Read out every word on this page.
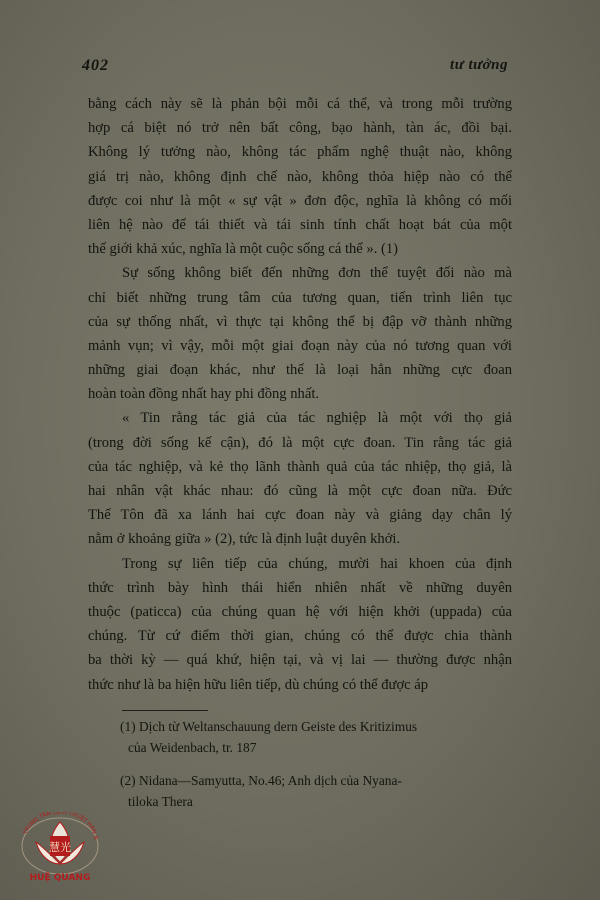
402	tư tưởng
bằng cách này sẽ là phản bội mỗi cá thể, và trong mỗi trường
hợp cá biệt nó trở nên bất công, bạo hành, tàn ác, đồi bại.
Không lý tưởng nào, không tác phẩm nghệ thuật nào, không
giá trị nào, không định chế nào, không thỏa hiệp nào có thể
được coi như là một « sự vật » đơn độc, nghĩa là không có mối
liên hệ nào để tái thiết và tái sinh tính chất hoạt bát của một
thế giới khả xúc, nghĩa là một cuộc sống cá thể ». (1)
Sự sống không biết đến những đơn thể tuyệt đối nào mà
chỉ biết những trung tâm của tương quan, tiến trình liên tục
của sự thống nhất, vì thực tại không thể bị đập vỡ thành những
mảnh vụn; vì vậy, mỗi một giai đoạn này của nó tương quan với
những giai đoạn khác, như thế là loại hẳn những cực đoan
hoàn toàn đồng nhất hay phi đồng nhất.
« Tin rằng tác giả của tác nghiệp là một với thọ giả
(trong đời sống kế cận), đó là một cực đoan. Tin rằng tác giả
của tác nghiệp, và kẻ thọ lãnh thành quả của tác nhiệp, thọ giả, là
hai nhân vật khác nhau: đó cũng là một cực đoan nữa. Đức
Thế Tôn đã xa lánh hai cực đoan này và giảng dạy chân lý
nằm ở khoảng giữa » (2), tức là định luật duyên khởi.
Trong sự liên tiếp của chúng, mười hai khoen của định
thức trình bày hình thái hiển nhiên nhất về những duyên
thuộc (paticca) của chúng quan hệ với hiện khởi (uppada) của
chúng. Từ cứ điểm thời gian, chúng có thể được chia thành
ba thời kỳ — quá khứ, hiện tại, và vị lai — thường được nhận
thức như là ba hiện hữu liên tiếp, dù chúng có thể được áp
(1) Dịch từ Weltanschauung dern Geiste des Kritizimus
của Weidenbach, tr. 187
(2) Nidana—Samyutta, No.46; Anh dịch của Nyana-
tiloka Thera
慧光
TRUNG TÂM DỊCH THUẬT HÁN N
HUỆ QUANG
